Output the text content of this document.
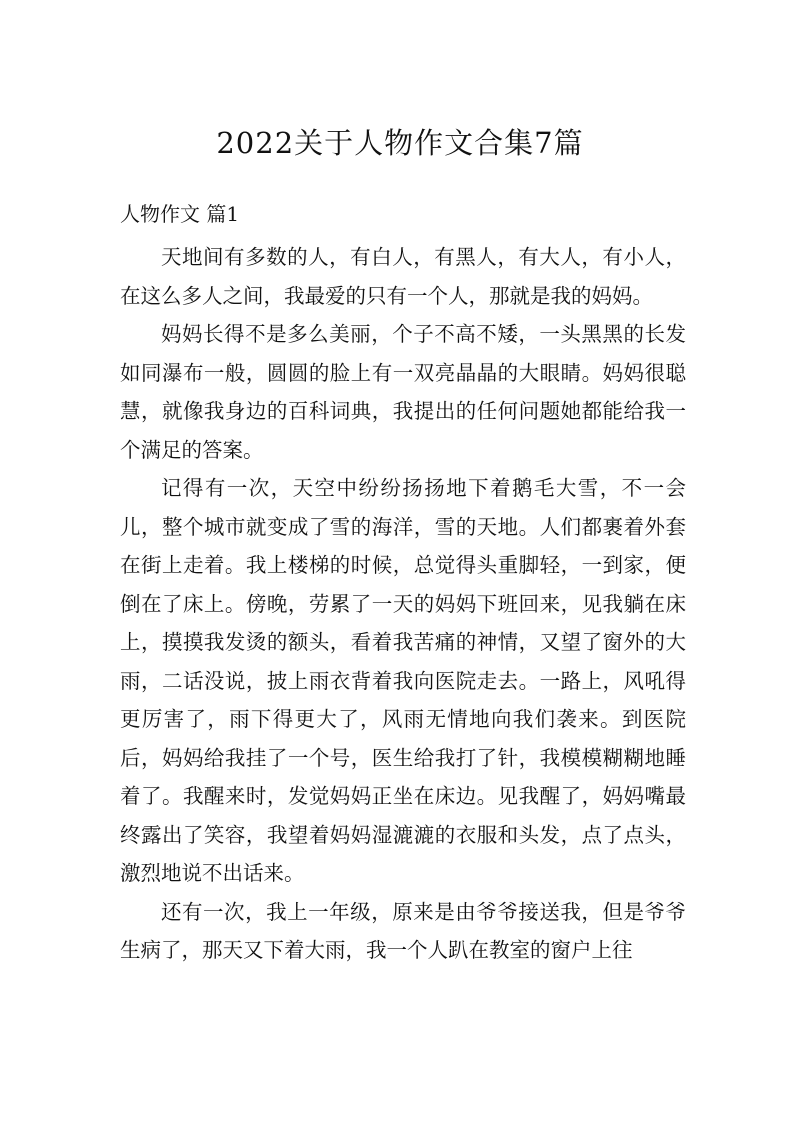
2022关于人物作文合集7篇
人物作文 篇1

天地间有多数的人，有白人，有黑人，有大人，有小人，在这么多人之间，我最爱的只有一个人，那就是我的妈妈。

妈妈长得不是多么美丽，个子不高不矮，一头黑黑的长发如同瀑布一般，圆圆的脸上有一双亮晶晶的大眼睛。妈妈很聪慧，就像我身边的百科词典，我提出的任何问题她都能给我一个满足的答案。

记得有一次，天空中纷纷扬扬地下着鹅毛大雪，不一会儿，整个城市就变成了雪的海洋，雪的天地。人们都裹着外套在街上走着。我上楼梯的时候，总觉得头重脚轻，一到家，便倒在了床上。傍晚，劳累了一天的妈妈下班回来，见我躺在床上，摸摸我发烫的额头，看着我苦痛的神情，又望了窗外的大雨，二话没说，披上雨衣背着我向医院走去。一路上，风吼得更厉害了，雨下得更大了，风雨无情地向我们袭来。到医院后，妈妈给我挂了一个号，医生给我打了针，我模模糊糊地睡着了。我醒来时，发觉妈妈正坐在床边。见我醒了，妈妈嘴最终露出了笑容，我望着妈妈湿漉漉的衣服和头发，点了点头，激烈地说不出话来。

还有一次，我上一年级，原来是由爷爷接送我，但是爷爷生病了，那天又下着大雨，我一个人趴在教室的窗户上往
